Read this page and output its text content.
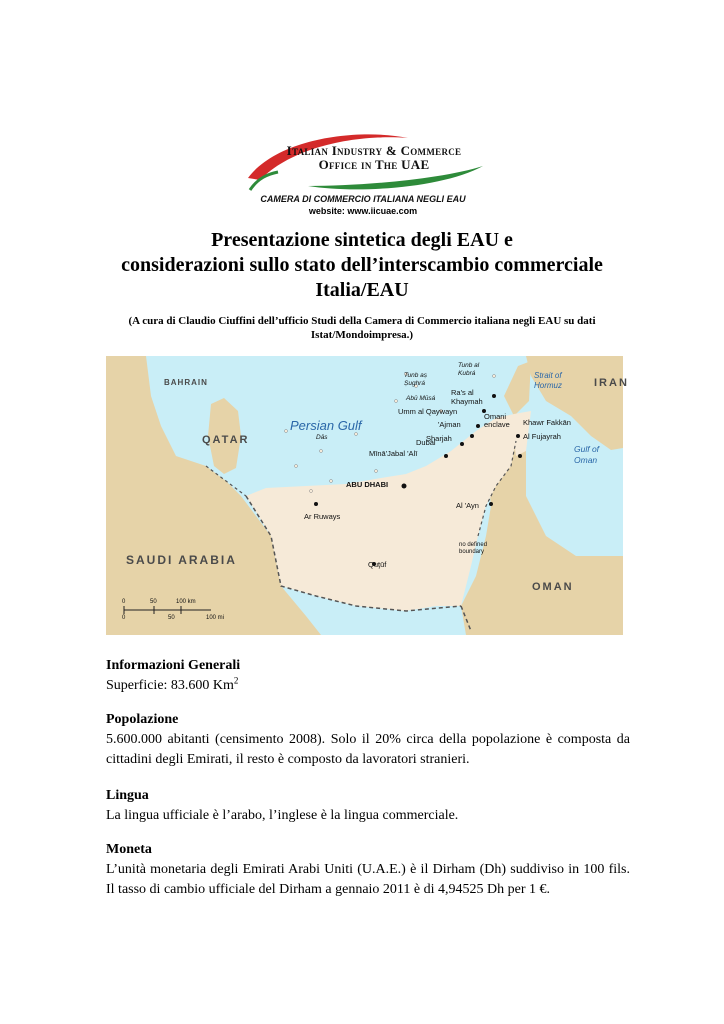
Italian Industry & Commerce
Office in The UAE
CAMERA DI COMMERCIO ITALIANA NEGLI EAU
website: www.iicuae.com
Presentazione sintetica degli EAU e
considerazioni sullo stato dell’interscambio commerciale
Italia/EAU
(A cura di Claudio Ciuffini dell’ufficio Studi della Camera di Commercio italiana negli EAU su dati Istat/Mondoimpresa.)
BAHRAIN
QATAR
IRAN
SAUDI ARABIA
OMAN
Persian Gulf
Strait of Hormuz
Gulf of Oman
Tunb aṣ Ṣughrá
Abū Mūsá
Tunb al Kubrá
Ra's al Khaymah
Umm al Qaywayn
'Ajman
Sharjah
Dubai
Mīnā'Jabal 'Alī
Dās
ABU DHABI
Ar Ruways
Al 'Ayn
Omani enclave	Khawr Fakkān
Al Fujayrah
no defined boundary
Quţūf
0	50	100 km
0	50	100 mi
Informazioni Generali
Superficie: 83.600 Km$^2$
Popolazione
5.600.000 abitanti (censimento 2008). Solo il 20% circa della popolazione è composta da cittadini degli Emirati, il resto è composto da lavoratori stranieri.
Lingua
La lingua ufficiale è l’arabo, l’inglese è la lingua commerciale.
Moneta
L’unità monetaria degli Emirati Arabi Uniti (U.A.E.) è il Dirham (Dh) suddiviso in 100 fils. Il tasso di cambio ufficiale del Dirham a gennaio 2011 è di 4,94525 Dh per 1 €.
